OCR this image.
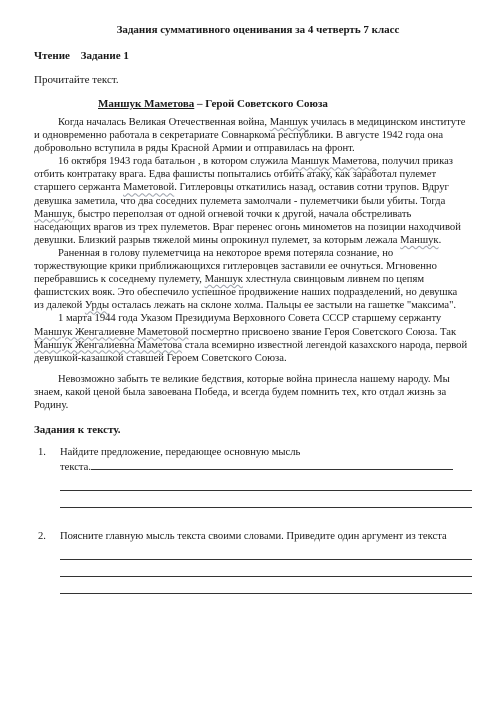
Задания суммативного оценивания за 4 четверть 7 класс
Чтение Задание 1
Прочитайте текст.
Маншук Маметова – Герой Советского Союза

Когда началась Великая Отечественная война, Маншук училась в медицинском институте и одновременно работала в секретариате Совнаркома республики. В августе 1942 года она добровольно вступила в ряды Красной Армии и отправилась на фронт.

16 октября 1943 года батальон , в котором служила Маншук Маметова, получил приказ отбить контратаку врага. Едва фашисты попытались отбить атаку, как заработал пулемет старшего сержанта Маметовой. Гитлеровцы откатились назад, оставив сотни трупов. Вдруг девушка заметила, что два соседних пулемета замолчали - пулеметчики были убиты. Тогда Маншук, быстро переползая от одной огневой точки к другой, начала обстреливать наседающих врагов из трех пулеметов. Враг перенес огонь минометов на позиции находчивой девушки. Близкий разрыв тяжелой мины опрокинул пулемет, за которым лежала Маншук.

Раненная в голову пулеметчица на некоторое время потеряла сознание, но торжествующие крики приближающихся гитлеровцев заставили ее очнуться. Мгновенно перебравшись к соседнему пулемету, Маншук хлестнула свинцовым ливнем по цепям фашистских вояк. Это обеспечило успешное продвижение наших подразделений, но девушка из далекой Урды осталась лежать на склоне холма. Пальцы ее застыли на гашетке "максима".

1 марта 1944 года Указом Президиума Верховного Совета СССР старшему сержанту Маншук Женгалиевне Маметовой посмертно присвоено звание Героя Советского Союза. Так Маншук Женгалиевна Маметова стала всемирно известной легендой казахского народа, первой девушкой-казашкой ставшей Героем Советского Союза.

Невозможно забыть те великие бедствия, которые война принесла нашему народу. Мы знаем, какой ценой была завоевана Победа, и всегда будем помнить тех, кто отдал жизнь за Родину.

Задания к тексту.
1.	Найдите предложение, передающее основную мысль
текста.
2.	Поясните главную мысль текста своими словами. Приведите один аргумент из текста
